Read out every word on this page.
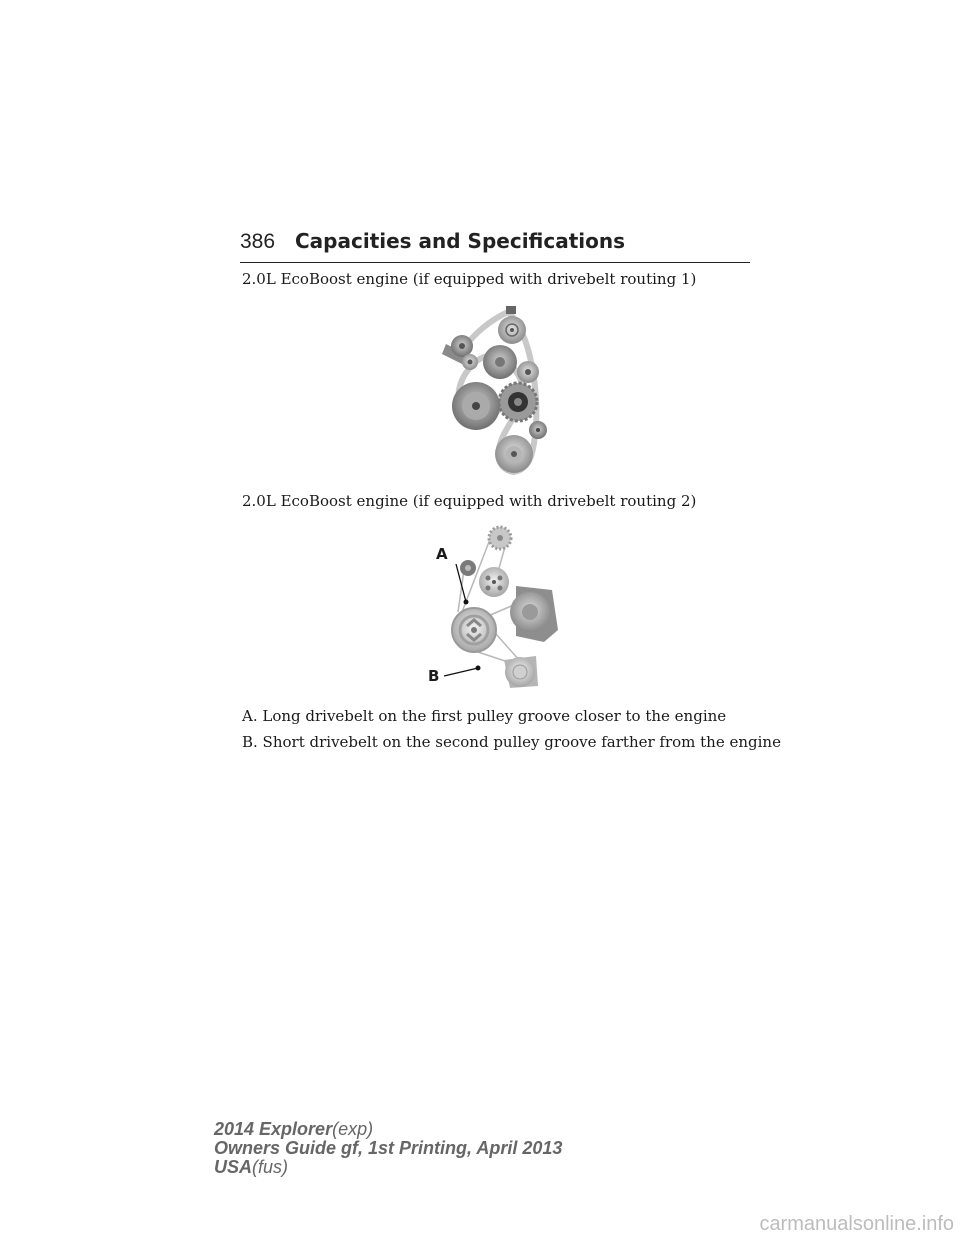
386 Capacities and Specifications
2.0L EcoBoost engine (if equipped with drivebelt routing 1)
2.0L EcoBoost engine (if equipped with drivebelt routing 2)
A
B
A. Long drivebelt on the first pulley groove closer to the engine
B. Short drivebelt on the second pulley groove farther from the engine
2014 Explorer(exp)
Owners Guide gf, 1st Printing, April 2013
USA(fus)
carmanualsonline.info
